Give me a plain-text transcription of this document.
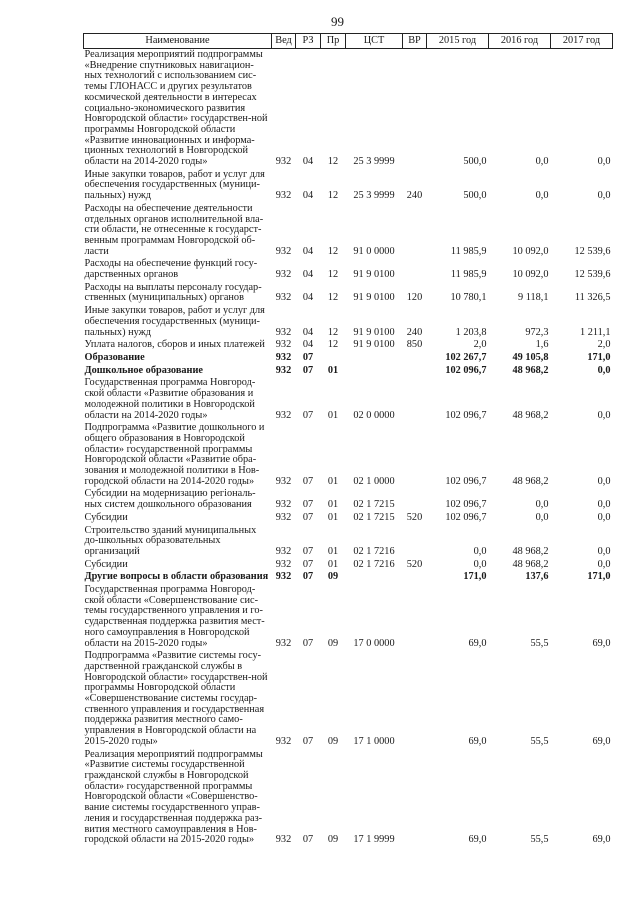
99
Наименование	Вед	РЗ	Пр	ЦСТ	ВР	2015 год	2016 год	2017 год
Реализация мероприятий подпрограммы «Внедрение спутниковых навигацион-ных технологий с использованием сис-темы ГЛОНАСС и других результатов космической деятельности в интересах социально-экономического развития Новгородской области» государствен-ной программы Новгородской области «Развитие инновационных и информа-ционных технологий в Новгородской области на 2014-2020 годы»	932	04	12	25 3 9999		500,0	0,0	0,0
Иные закупки товаров, работ и услуг для обеспечения государственных (муници-пальных) нужд	932	04	12	25 3 9999	240	500,0	0,0	0,0
Расходы на обеспечение деятельности отдельных органов исполнительной вла-сти области, не отнесенные к государст-венным программам Новгородской об-ласти	932	04	12	91 0 0000		11 985,9	10 092,0	12 539,6
Расходы на обеспечение функций госу-дарственных органов	932	04	12	91 9 0100		11 985,9	10 092,0	12 539,6
Расходы на выплаты персоналу государ-ственных (муниципальных) органов	932	04	12	91 9 0100	120	10 780,1	9 118,1	11 326,5
Иные закупки товаров, работ и услуг для обеспечения государственных (муници-пальных) нужд	932	04	12	91 9 0100	240	1 203,8	972,3	1 211,1
Уплата налогов, сборов и иных платежей	932	04	12	91 9 0100	850	2,0	1,6	2,0
Образование	932	07				102 267,7	49 105,8	171,0
Дошкольное образование	932	07	01			102 096,7	48 968,2	0,0
Государственная программа Новгород-ской области «Развитие образования и молодежной политики в Новгородской области на 2014-2020 годы»	932	07	01	02 0 0000		102 096,7	48 968,2	0,0
Подпрограмма «Развитие дошкольного и общего образования в Новгородской области» государственной программы Новгородской области «Развитие обра-зования и молодежной политики в Нов-городской области на 2014-2020 годы»	932	07	01	02 1 0000		102 096,7	48 968,2	0,0
Субсидии на модернизацию регіональ-ных систем дошкольного образования	932	07	01	02 1 7215		102 096,7	0,0	0,0
Субсидии	932	07	01	02 1 7215	520	102 096,7	0,0	0,0
Строительство зданий муниципальных до-школьных образовательных организаций	932	07	01	02 1 7216		0,0	48 968,2	0,0
Субсидии	932	07	01	02 1 7216	520	0,0	48 968,2	0,0
Другие вопросы в области образования	932	07	09			171,0	137,6	171,0
Государственная программа Новгород-ской области «Совершенствование сис-темы государственного управления и го-сударственная поддержка развития мест-ного самоуправления в Новгородской области на 2015-2020 годы»	932	07	09	17 0 0000		69,0	55,5	69,0
Подпрограмма «Развитие системы госу-дарственной гражданской службы в Новгородской области» государствен-ной программы Новгородской области «Совершенствование системы государ-ственного управления и государственная поддержка развития местного само-управления в Новгородской области на 2015-2020 годы»	932	07	09	17 1 0000		69,0	55,5	69,0
Реализация мероприятий подпрограммы «Развитие системы государственной гражданской службы в Новгородской области» государственной программы Новгородской области «Совершенство-вание системы государственного управ-ления и государственная поддержка раз-вития местного самоуправления в Нов-городской области на 2015-2020 годы»	932	07	09	17 1 9999		69,0	55,5	69,0
